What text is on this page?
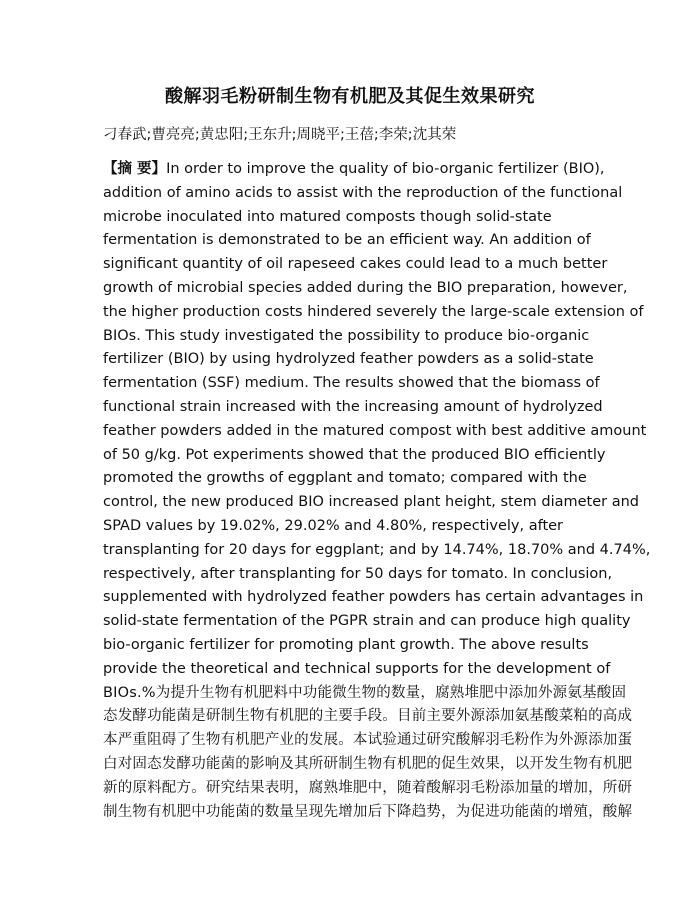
酸解羽毛粉研制生物有机肥及其促生效果研究
刁春武;曹亮亮;黄忠阳;王东升;周晓平;王蓓;李荣;沈其荣
【摘 要】In order to improve the quality of bio-organic fertilizer (BIO),
addition of amino acids to assist with the reproduction of the functional
microbe inoculated into matured composts though solid-state
fermentation is demonstrated to be an efficient way. An addition of
significant quantity of oil rapeseed cakes could lead to a much better
growth of microbial species added during the BIO preparation, however,
the higher production costs hindered severely the large-scale extension of
BIOs. This study investigated the possibility to produce bio-organic
fertilizer (BIO) by using hydrolyzed feather powders as a solid-state
fermentation (SSF) medium. The results showed that the biomass of
functional strain increased with the increasing amount of hydrolyzed
feather powders added in the matured compost with best additive amount
of 50 g/kg. Pot experiments showed that the produced BIO efficiently
promoted the growths of eggplant and tomato; compared with the
control, the new produced BIO increased plant height, stem diameter and
SPAD values by 19.02%, 29.02% and 4.80%, respectively, after
transplanting for 20 days for eggplant; and by 14.74%, 18.70% and 4.74%,
respectively, after transplanting for 50 days for tomato. In conclusion,
supplemented with hydrolyzed feather powders has certain advantages in
solid-state fermentation of the PGPR strain and can produce high quality
bio-organic fertilizer for promoting plant growth. The above results
provide the theoretical and technical supports for the development of
BIOs.%为提升生物有机肥料中功能微生物的数量，腐熟堆肥中添加外源氨基酸固
态发酵功能菌是研制生物有机肥的主要手段。目前主要外源添加氨基酸菜粕的高成
本严重阻碍了生物有机肥产业的发展。本试验通过研究酸解羽毛粉作为外源添加蛋
白对固态发酵功能菌的影响及其所研制生物有机肥的促生效果，以开发生物有机肥
新的原料配方。研究结果表明，腐熟堆肥中，随着酸解羽毛粉添加量的增加，所研
制生物有机肥中功能菌的数量呈现先增加后下降趋势，为促进功能菌的增殖，酸解
